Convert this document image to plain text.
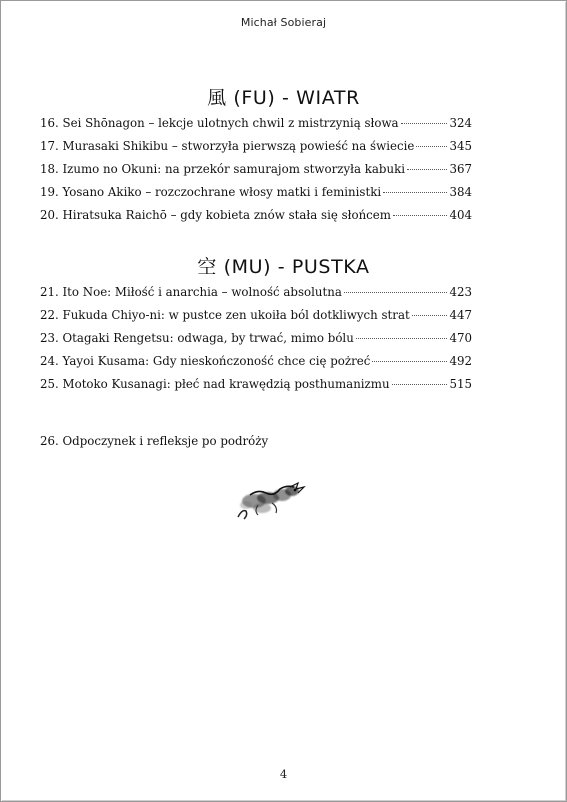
Michał Sobieraj
風 (FU) - WIATR
16. Sei Shōnagon – lekcje ulotnych chwil z mistrzynią słowa	324
17. Murasaki Shikibu – stworzyła pierwszą powieść na świecie	345
18. Izumo no Okuni: na przekór samurajom stworzyła kabuki	367
19. Yosano Akiko – rozczochrane włosy matki i feministki	384
20. Hiratsuka Raichō – gdy kobieta znów stała się słońcem	404
空 (MU) - PUSTKA
21. Ito Noe: Miłość i anarchia – wolność absolutna	423
22. Fukuda Chiyo-ni: w pustce zen ukoiła ból dotkliwych strat	447
23. Otagaki Rengetsu: odwaga, by trwać, mimo bólu	470
24. Yayoi Kusama: Gdy nieskończoność chce cię pożreć	492
25. Motoko Kusanagi: płeć nad krawędzią posthumanizmu	515
26. Odpoczynek i refleksje po podróży
4
